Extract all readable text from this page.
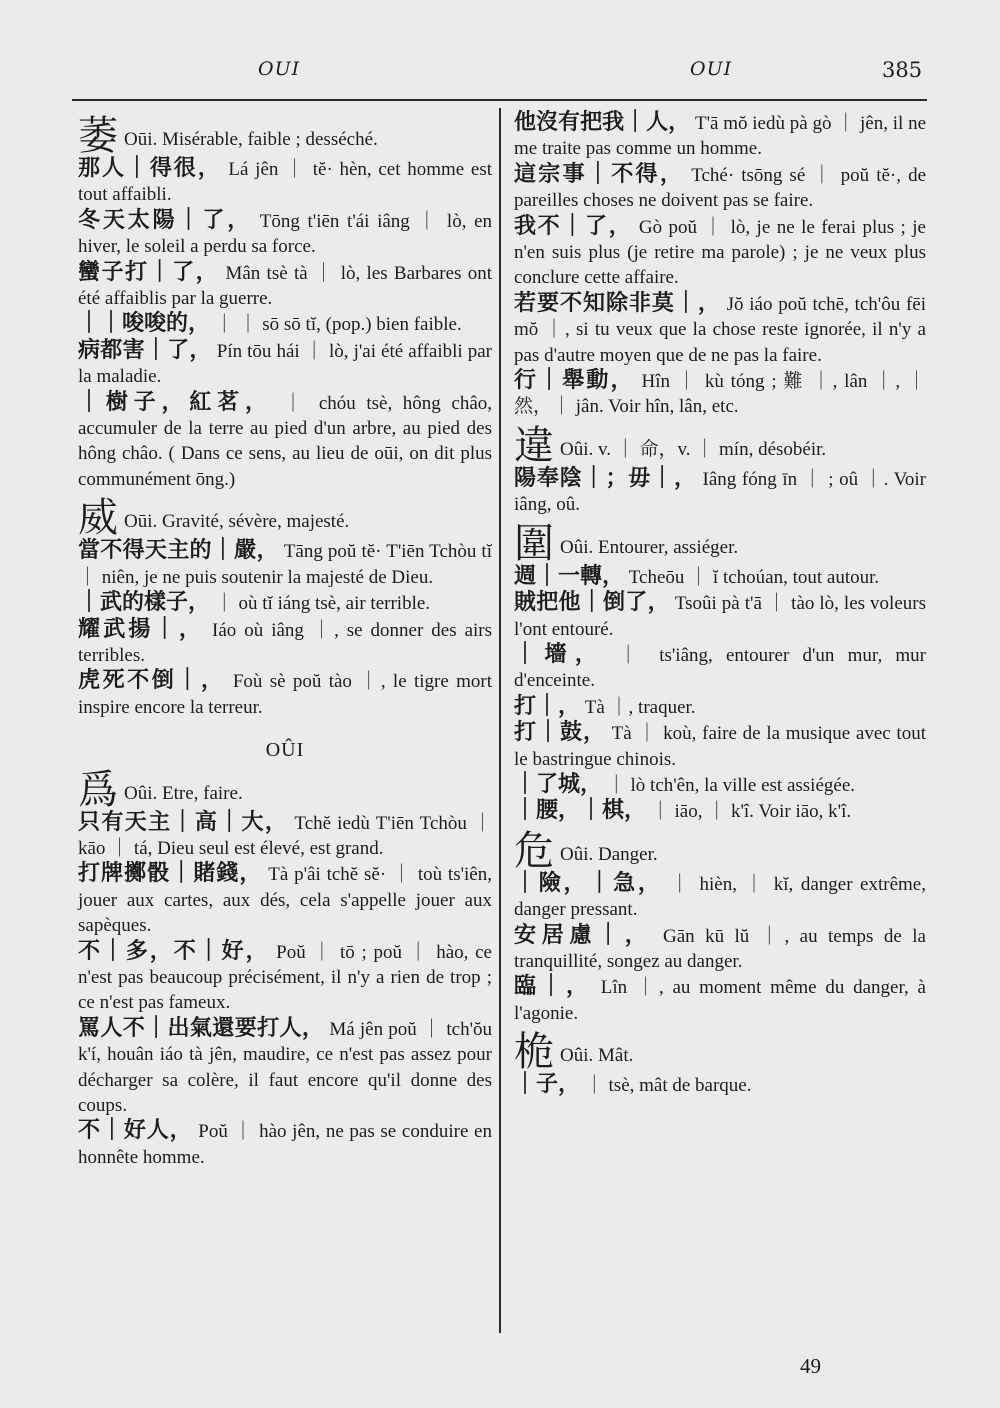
OUI	OUI	385
萎 Oūi. Misérable, faible ; desséché.
那人｜得很， Lá jên ｜ tĕ· hèn, cet homme est tout affaibli.
冬天太陽｜了， Tōng t'iēn t'ái iâng ｜ lò, en hiver, le soleil a perdu sa force.
蠻子打｜了， Mân tsè tà ｜ lò, les Barbares ont été affaiblis par la guerre.
｜｜唆唆的， ｜ ｜ sō sō tĭ, (pop.) bien faible.
病都害｜了， Pín tōu hái ｜ lò, j'ai été affaibli par la maladie.
｜樹子，紅茗， ｜ chóu tsè, hông châo, accumuler de la terre au pied d'un arbre, au pied des hông châo. ( Dans ce sens, au lieu de oūi, on dit plus communément ōng.)
威 Oūi. Gravité, sévère, majesté.
當不得天主的｜嚴， Tāng poŭ tĕ· T'iēn Tchòu tĭ ｜ niên, je ne puis soutenir la majesté de Dieu.
｜武的樣子， ｜ où tĭ iáng tsè, air terrible.
耀武揚｜， Iáo où iâng ｜, se donner des airs terribles.
虎死不倒｜， Foù sè poŭ tào ｜, le tigre mort inspire encore la terreur.
OÛI
爲 Oûi. Etre, faire.
只有天主｜高｜大， Tchĕ iedù T'iēn Tchòu ｜ kāo ｜ tá, Dieu seul est élevé, est grand.
打牌擲骰｜賭錢， Tà p'âi tchĕ sĕ· ｜ toù ts'iên, jouer aux cartes, aux dés, cela s'appelle jouer aux sapèques.
不｜多，不｜好， Poŭ ｜ tō ; poŭ ｜ hào, ce n'est pas beaucoup précisément, il n'y a rien de trop ; ce n'est pas fameux.
罵人不｜出氣還要打人， Má jên poŭ ｜ tch'ŏu k'í, houân iáo tà jên, maudire, ce n'est pas assez pour décharger sa colère, il faut encore qu'il donne des coups.
不｜好人， Poŭ ｜ hào jên, ne pas se conduire en honnête homme.
他沒有把我｜人， T'ā mŏ iedù pà gò ｜ jên, il ne me traite pas comme un homme.
這宗事｜不得， Tché· tsōng sé ｜ poŭ tĕ·, de pareilles choses ne doivent pas se faire.
我不｜了， Gò poŭ ｜ lò, je ne le ferai plus ; je n'en suis plus (je retire ma parole) ; je ne veux plus conclure cette affaire.
若要不知除非莫｜， Jŏ iáo poŭ tchē, tch'ôu fēi mŏ ｜, si tu veux que la chose reste ignorée, il n'y a pas d'autre moyen que de ne pas la faire.
行｜舉動， Hîn ｜ kù tóng ; 難 ｜, lân ｜, ｜ 然，｜ jân. Voir hîn, lân, etc.
違 Oûi. v. ｜ 命，v. ｜ mín, désobéir.
陽奉陰｜；毋｜， Iâng fóng īn ｜ ; oû ｜. Voir iâng, oû.
圍 Oûi. Entourer, assiéger.
週｜一轉， Tcheōu ｜ ĭ tchoúan, tout autour.
賊把他｜倒了， Tsoûi pà t'ā ｜ tào lò, les voleurs l'ont entouré.
｜墻， ｜ ts'iâng, entourer d'un mur, mur d'enceinte.
打｜， Tà ｜, traquer.
打｜鼓， Tà ｜ koù, faire de la musique avec tout le bastringue chinois.
｜了城， ｜ lò tch'ên, la ville est assiégée.
｜腰，｜棋， ｜ iāo, ｜ k'î. Voir iāo, k'î.
危 Oûi. Danger.
｜險，｜急， ｜ hièn, ｜ kĭ, danger extrême, danger pressant.
安居慮｜， Gān kū lŭ ｜, au temps de la tranquillité, songez au danger.
臨｜， Lîn ｜, au moment même du danger, à l'agonie.
桅 Oûi. Mât.
｜子， ｜ tsè, mât de barque.
49
